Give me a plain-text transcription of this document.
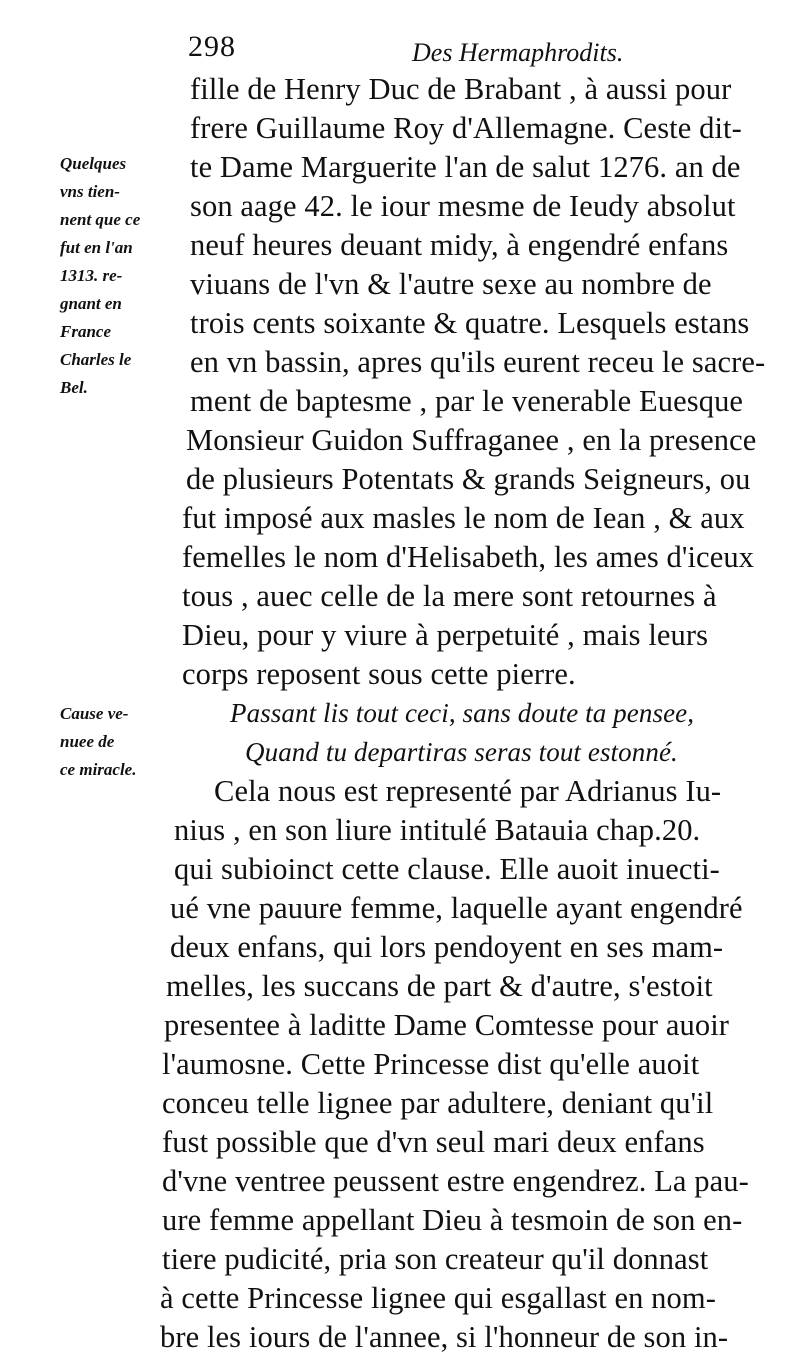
298	Des Hermaphrodits.
Quelques
vns tien-
nent que ce
fut en l'an
1313. re-
gnant en
France
Charles le
Bel.
Cause ve-
nuee de
ce miracle.
fille de Henry Duc de Brabant , à aussi pour
frere Guillaume Roy d'Allemagne. Ceste dit-
te Dame Marguerite l'an de salut 1276. an de
son aage 42. le iour mesme de Ieudy absolut
neuf heures deuant midy, à engendré enfans
viuans de l'vn & l'autre sexe au nombre de
trois cents soixante & quatre. Lesquels estans
en vn bassin, apres qu'ils eurent receu le sacre-
ment de baptesme , par le venerable Euesque
Monsieur Guidon Suffraganee , en la presence
de plusieurs Potentats & grands Seigneurs, ou
fut imposé aux masles le nom de Iean , & aux
femelles le nom d'Helisabeth, les ames d'iceux
tous , auec celle de la mere sont retournes à
Dieu, pour y viure à perpetuité , mais leurs
corps reposent sous cette pierre.
Passant lis tout ceci, sans doute ta pensee,
Quand tu departiras seras tout estonné.
Cela nous est representé par Adrianus Iu-
nius , en son liure intitulé Batauia chap.20.
qui subioinct cette clause. Elle auoit inuecti-
ué vne pauure femme, laquelle ayant engendré
deux enfans, qui lors pendoyent en ses mam-
melles, les succans de part & d'autre, s'estoit
presentee à laditte Dame Comtesse pour auoir
l'aumosne. Cette Princesse dist qu'elle auoit
conceu telle lignee par adultere, deniant qu'il
fust possible que d'vn seul mari deux enfans
d'vne ventree peussent estre engendrez. La pau-
ure femme appellant Dieu à tesmoin de son en-
tiere pudicité, pria son createur qu'il donnast
à cette Princesse lignee qui esgallast en nom-
bre les iours de l'annee, si l'honneur de son in-
